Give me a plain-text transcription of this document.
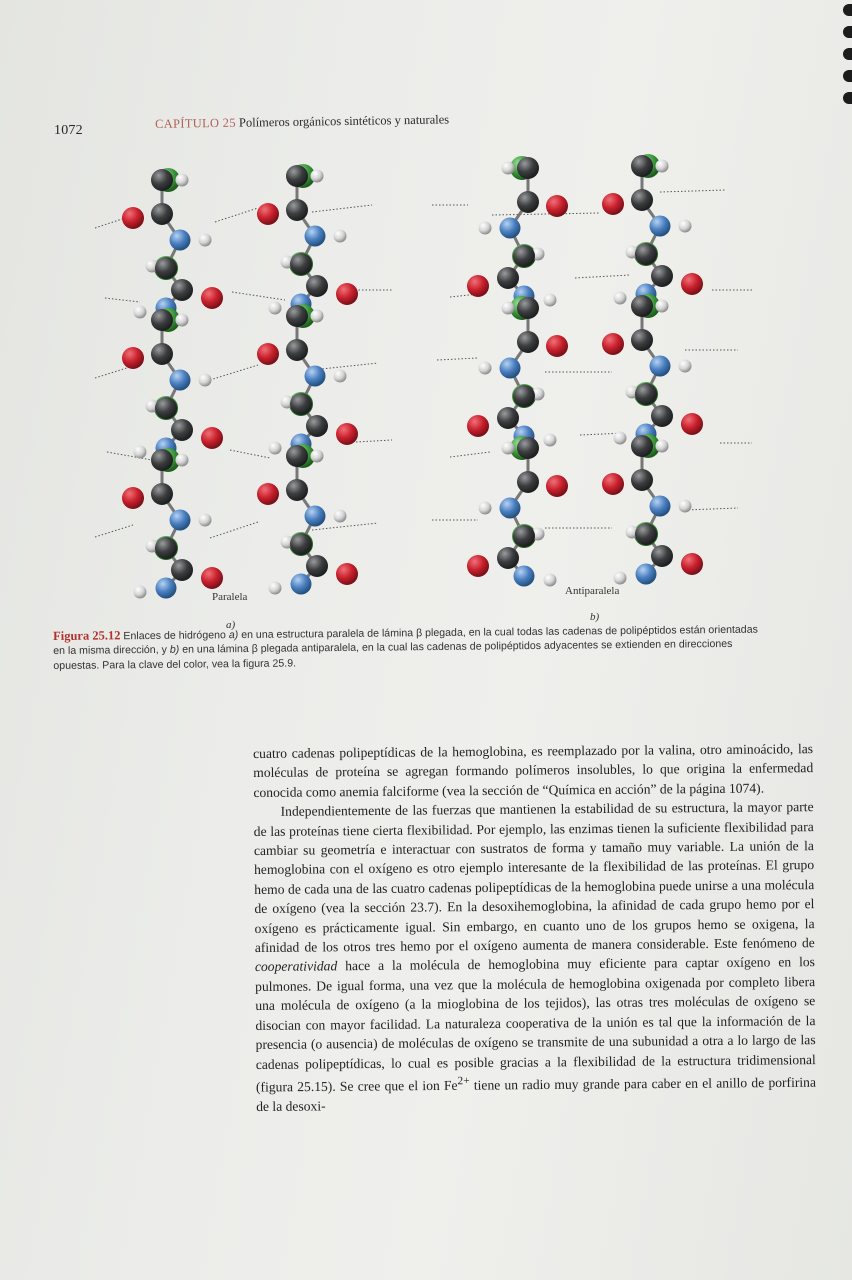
1072	CAPÍTULO 25 Polímeros orgánicos sintéticos y naturales
Paralela
a)
Antiparalela
b)
Figura 25.12 Enlaces de hidrógeno a) en una estructura paralela de lámina β plegada, en la cual todas las cadenas de polipéptidos están orientadas en la misma dirección, y b) en una lámina β plegada antiparalela, en la cual las cadenas de polipéptidos adyacentes se extienden en direcciones opuestas. Para la clave del color, vea la figura 25.9.

cuatro cadenas polipeptídicas de la hemoglobina, es reemplazado por la valina, otro aminoácido, las moléculas de proteína se agregan formando polímeros insolubles, lo que origina la enfermedad conocida como anemia falciforme (vea la sección de “Química en acción” de la página 1074).

Independientemente de las fuerzas que mantienen la estabilidad de su estructura, la mayor parte de las proteínas tiene cierta flexibilidad. Por ejemplo, las enzimas tienen la suficiente flexibilidad para cambiar su geometría e interactuar con sustratos de forma y tamaño muy variable. La unión de la hemoglobina con el oxígeno es otro ejemplo interesante de la flexibilidad de las proteínas. El grupo hemo de cada una de las cuatro cadenas polipeptídicas de la hemoglobina puede unirse a una molécula de oxígeno (vea la sección 23.7). En la desoxihemoglobina, la afinidad de cada grupo hemo por el oxígeno es prácticamente igual. Sin embargo, en cuanto uno de los grupos hemo se oxigena, la afinidad de los otros tres hemo por el oxígeno aumenta de manera considerable. Este fenómeno de cooperatividad hace a la molécula de hemoglobina muy eficiente para captar oxígeno en los pulmones. De igual forma, una vez que la molécula de hemoglobina oxigenada por completo libera una molécula de oxígeno (a la mioglobina de los tejidos), las otras tres moléculas de oxígeno se disocian con mayor facilidad. La naturaleza cooperativa de la unión es tal que la información de la presencia (o ausencia) de moléculas de oxígeno se transmite de una subunidad a otra a lo largo de las cadenas polipeptídicas, lo cual es posible gracias a la flexibilidad de la estructura tridimensional (figura 25.15). Se cree que el ion $Fe^{2+}$ tiene un radio muy grande para caber en el anillo de porfirina de la desoxi-
